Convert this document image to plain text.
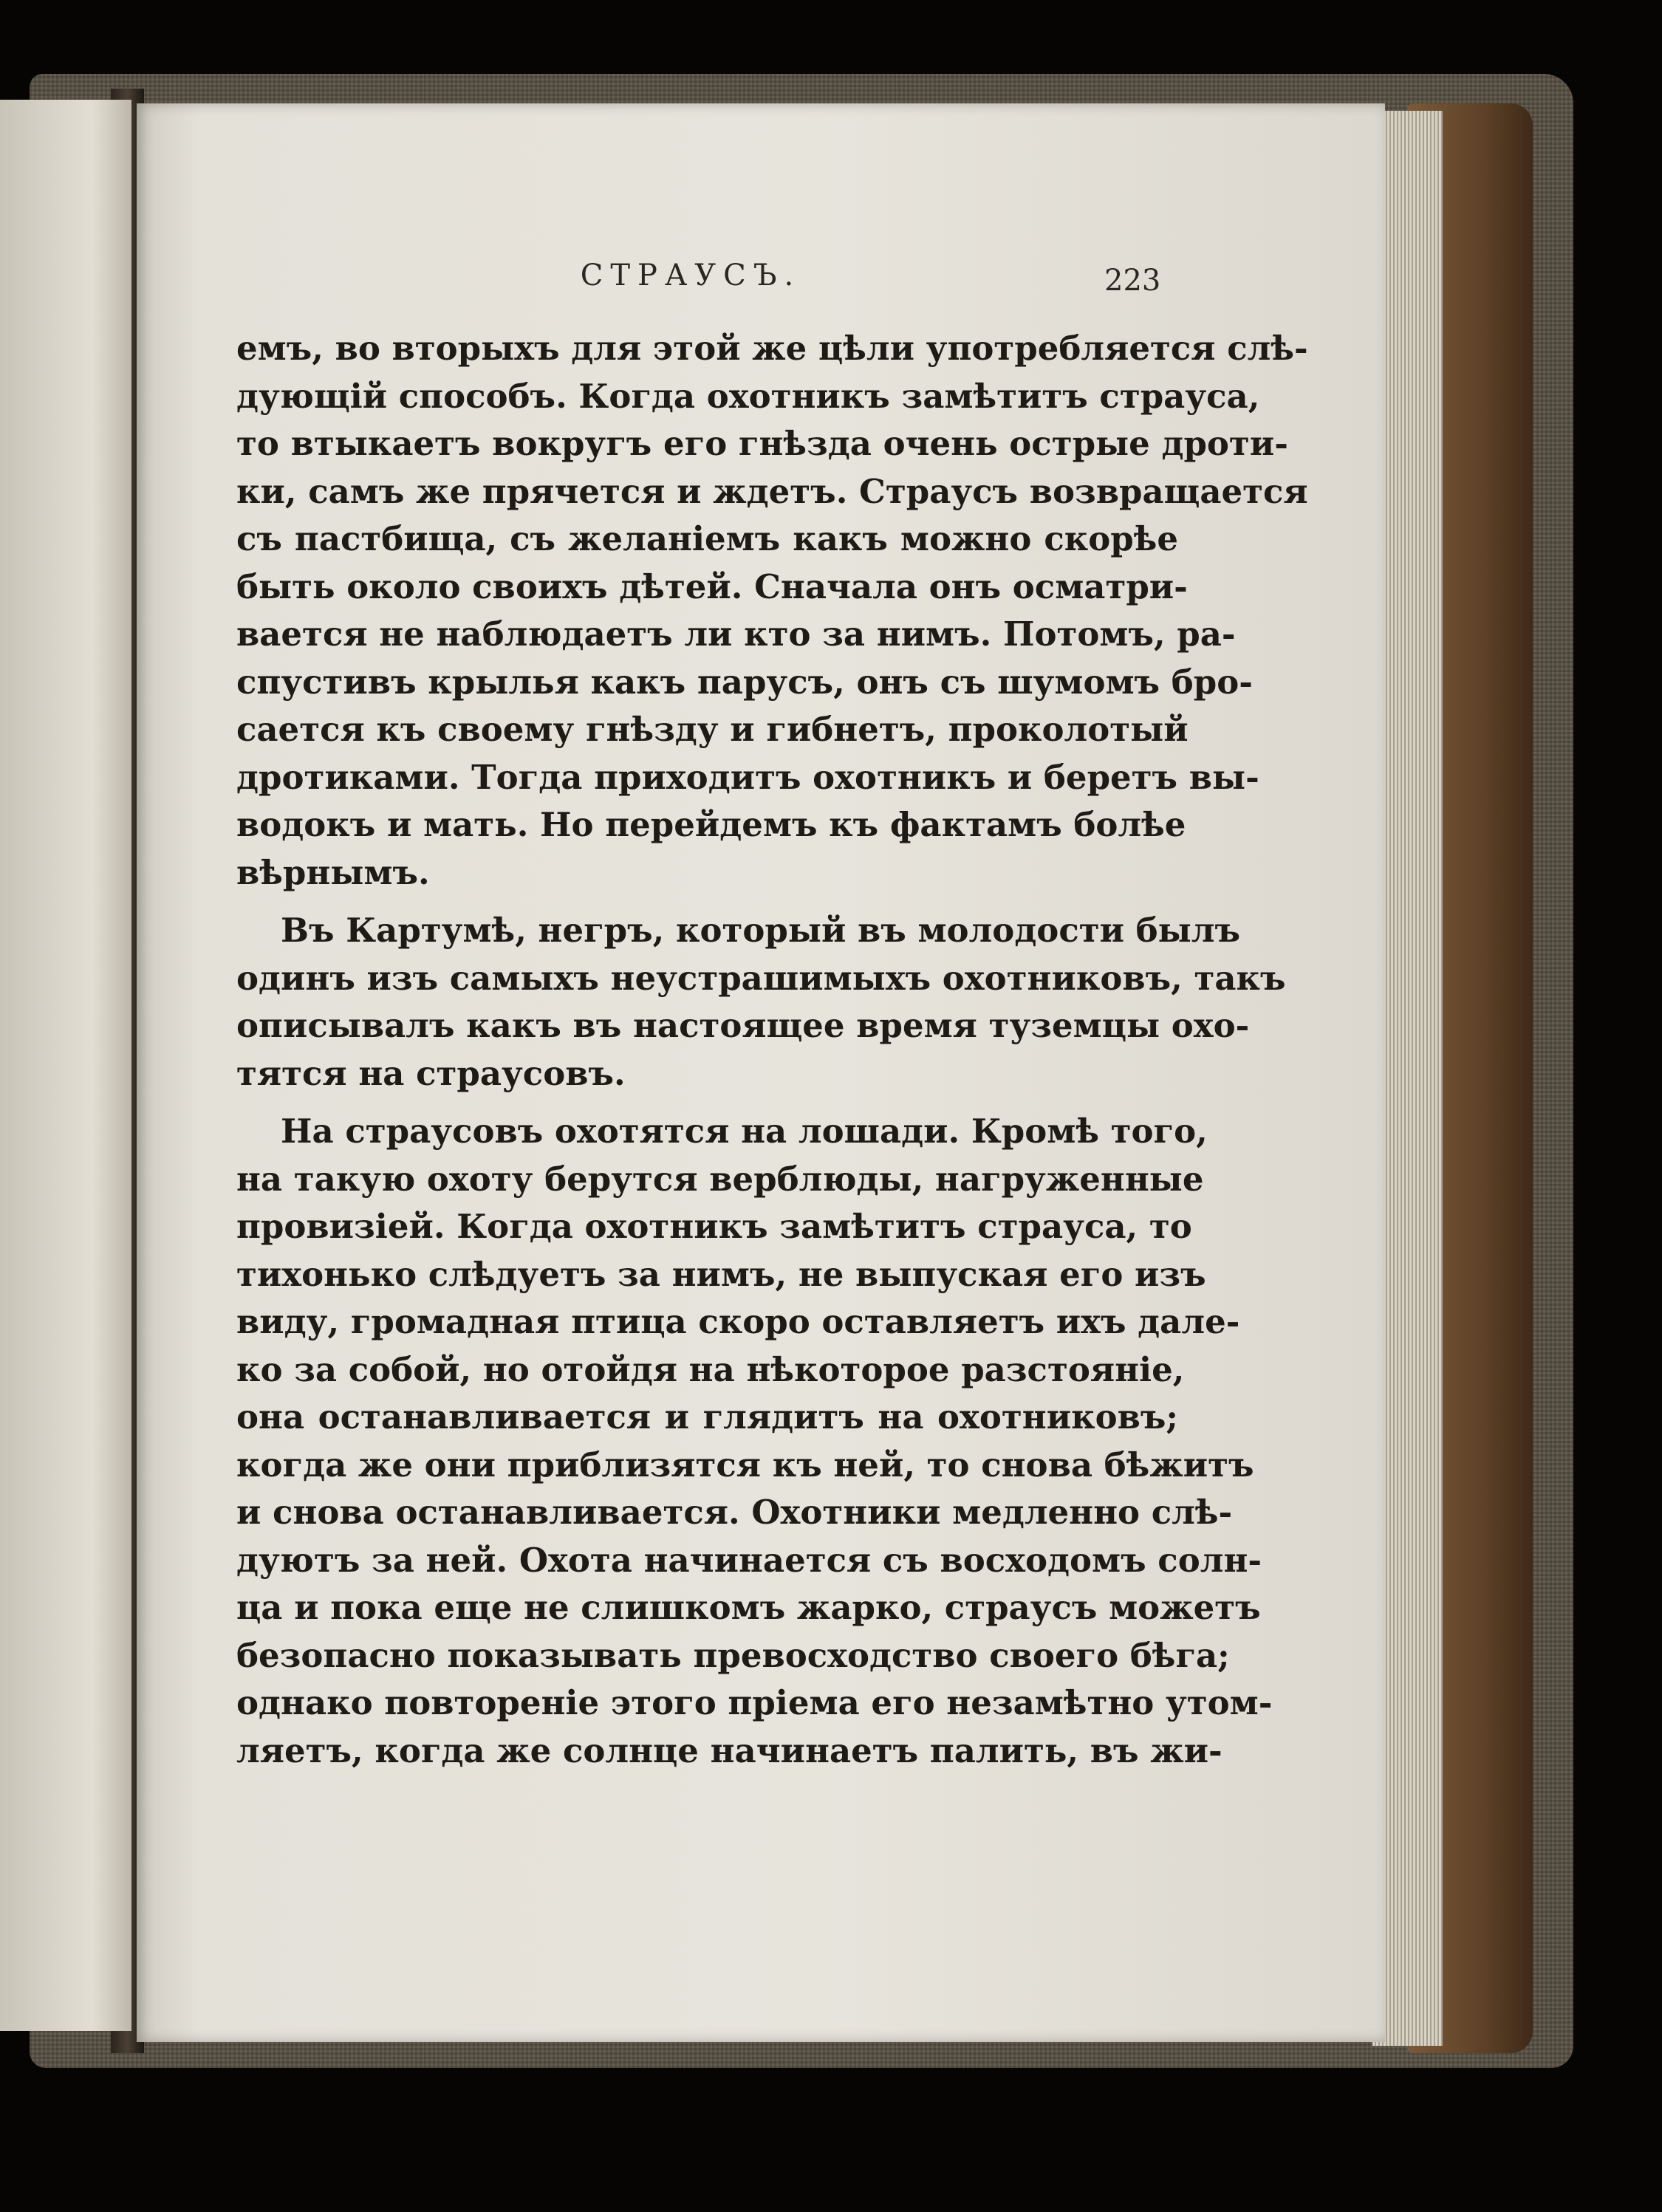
СТРАУСЪ.	223
емъ, во вторыхъ для этой же цѣли употребляется слѣ-
дующій способъ. Когда охотникъ замѣтитъ страуса,
то втыкаетъ вокругъ его гнѣзда очень острые дроти-
ки, самъ же прячется и ждетъ. Страусъ возвращается
съ пастбища, съ желаніемъ какъ можно скорѣе
быть около своихъ дѣтей. Сначала онъ осматри-
вается не наблюдаетъ ли кто за нимъ. Потомъ, ра-
спустивъ крылья какъ парусъ, онъ съ шумомъ бро-
сается къ своему гнѣзду и гибнетъ, проколотый
дротиками. Тогда приходитъ охотникъ и беретъ вы-
водокъ и мать. Но перейдемъ къ фактамъ болѣе
вѣрнымъ.
Въ Картумѣ, негръ, который въ молодости былъ
одинъ изъ самыхъ неустрашимыхъ охотниковъ, такъ
описывалъ какъ въ настоящее время туземцы охо-
тятся на страусовъ.
На страусовъ охотятся на лошади. Кромѣ того,
на такую охоту берутся верблюды, нагруженные
провизіей. Когда охотникъ замѣтитъ страуса, то
тихонько слѣдуетъ за нимъ, не выпуская его изъ
виду, громадная птица скоро оставляетъ ихъ дале-
ко за собой, но отойдя на нѣкоторое разстояніе,
она останавливается и глядитъ на охотниковъ;
когда же они приблизятся къ ней, то снова бѣжитъ
и снова останавливается. Охотники медленно слѣ-
дуютъ за ней. Охота начинается съ восходомъ солн-
ца и пока еще не слишкомъ жарко, страусъ можетъ
безопасно показывать превосходство своего бѣга;
однако повтореніе этого пріема его незамѣтно утом-
ляетъ, когда же солнце начинаетъ палить, въ жи-
